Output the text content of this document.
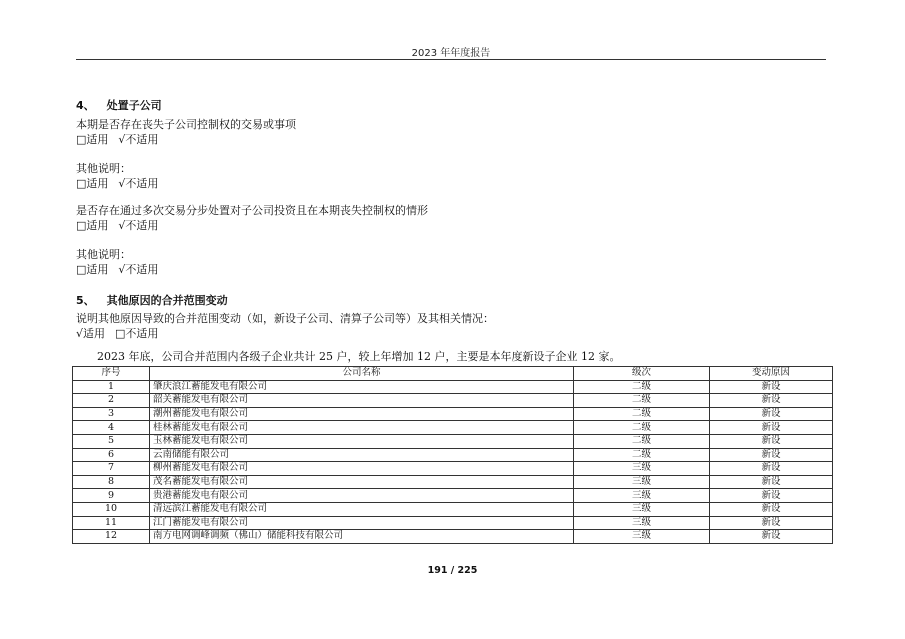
2023 年年度报告
4、 处置子公司
本期是否存在丧失子公司控制权的交易或事项
□适用 √不适用
其他说明：
□适用 √不适用
是否存在通过多次交易分步处置对子公司投资且在本期丧失控制权的情形
□适用 √不适用
其他说明：
□适用 √不适用
5、 其他原因的合并范围变动
说明其他原因导致的合并范围变动（如，新设子公司、清算子公司等）及其相关情况：
√适用 □不适用
2023 年底，公司合并范围内各级子企业共计 25 户，较上年增加 12 户，主要是本年度新设子企业 12 家。
序号	公司名称	级次	变动原因
1	肇庆浪江蓄能发电有限公司	二级	新设
2	韶关蓄能发电有限公司	二级	新设
3	潮州蓄能发电有限公司	二级	新设
4	桂林蓄能发电有限公司	二级	新设
5	玉林蓄能发电有限公司	二级	新设
6	云南储能有限公司	二级	新设
7	柳州蓄能发电有限公司	三级	新设
8	茂名蓄能发电有限公司	三级	新设
9	贵港蓄能发电有限公司	三级	新设
10	清远滨江蓄能发电有限公司	三级	新设
11	江门蓄能发电有限公司	三级	新设
12	南方电网调峰调频（佛山）储能科技有限公司	三级	新设
191 / 225
